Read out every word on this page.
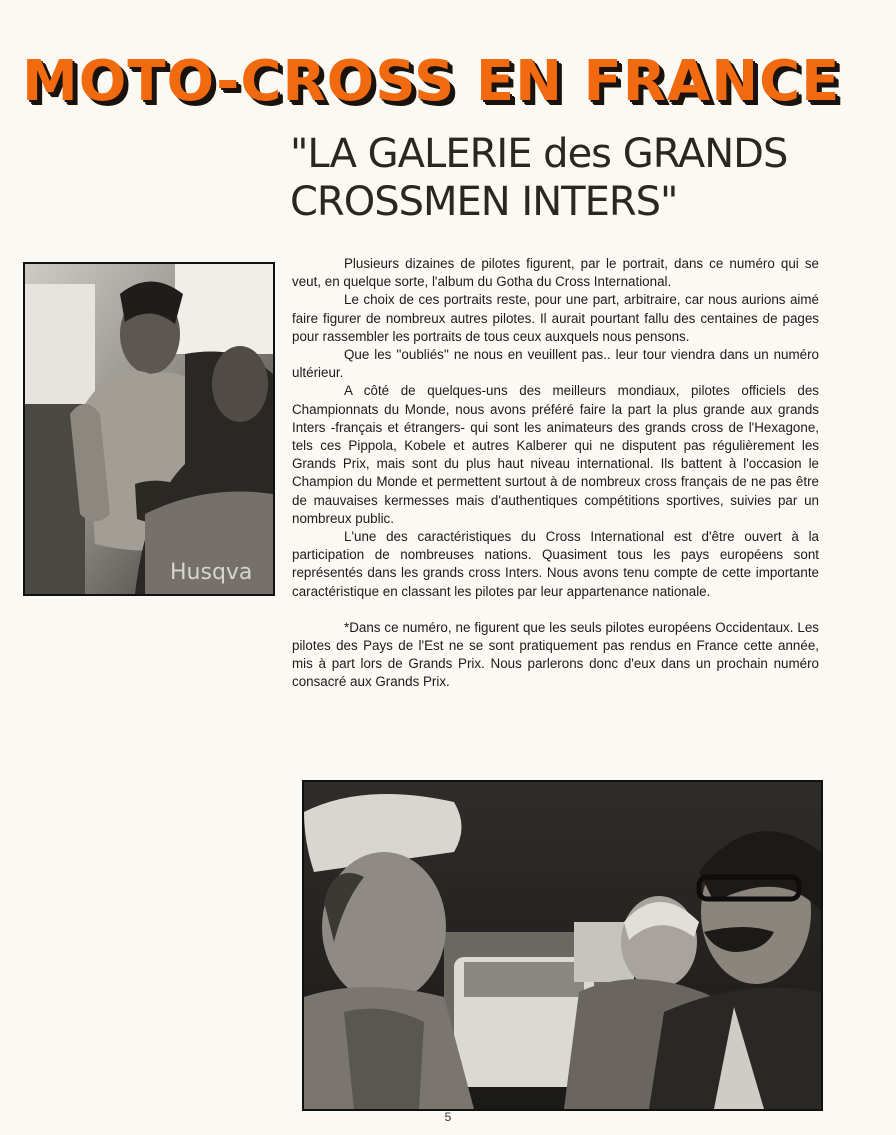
MOTO-CROSS EN FRANCE
"LA GALERIE des GRANDS CROSSMEN INTERS"
Husqva

Plusieurs dizaines de pilotes figurent, par le portrait, dans ce numéro qui se veut, en quelque sorte, l'album du Gotha du Cross International.

Le choix de ces portraits reste, pour une part, arbitraire, car nous aurions aimé faire figurer de nombreux autres pilotes. Il aurait pourtant fallu des centaines de pages pour rassembler les portraits de tous ceux auxquels nous pensons.

Que les ''oubliés'' ne nous en veuillent pas.. leur tour viendra dans un numéro ultérieur.

A côté de quelques-uns des meilleurs mondiaux, pilotes officiels des Championnats du Monde, nous avons préféré faire la part la plus grande aux grands Inters -français et étrangers- qui sont les animateurs des grands cross de l'Hexagone, tels ces Pippola, Kobele et autres Kalberer qui ne disputent pas régulièrement les Grands Prix, mais sont du plus haut niveau international. Ils battent à l'occasion le Champion du Monde et permettent surtout à de nombreux cross français de ne pas être de mauvaises kermesses mais d'authentiques compétitions sportives, suivies par un nombreux public.

L'une des caractéristiques du Cross International est d'être ouvert à la participation de nombreuses nations. Quasiment tous les pays européens sont représentés dans les grands cross Inters. Nous avons tenu compte de cette importante caractéristique en classant les pilotes par leur appartenance nationale.

*Dans ce numéro, ne figurent que les seuls pilotes européens Occidentaux. Les pilotes des Pays de l'Est ne se sont pratiquement pas rendus en France cette année, mis à part lors de Grands Prix. Nous parlerons donc d'eux dans un prochain numéro consacré aux Grands Prix.

5
